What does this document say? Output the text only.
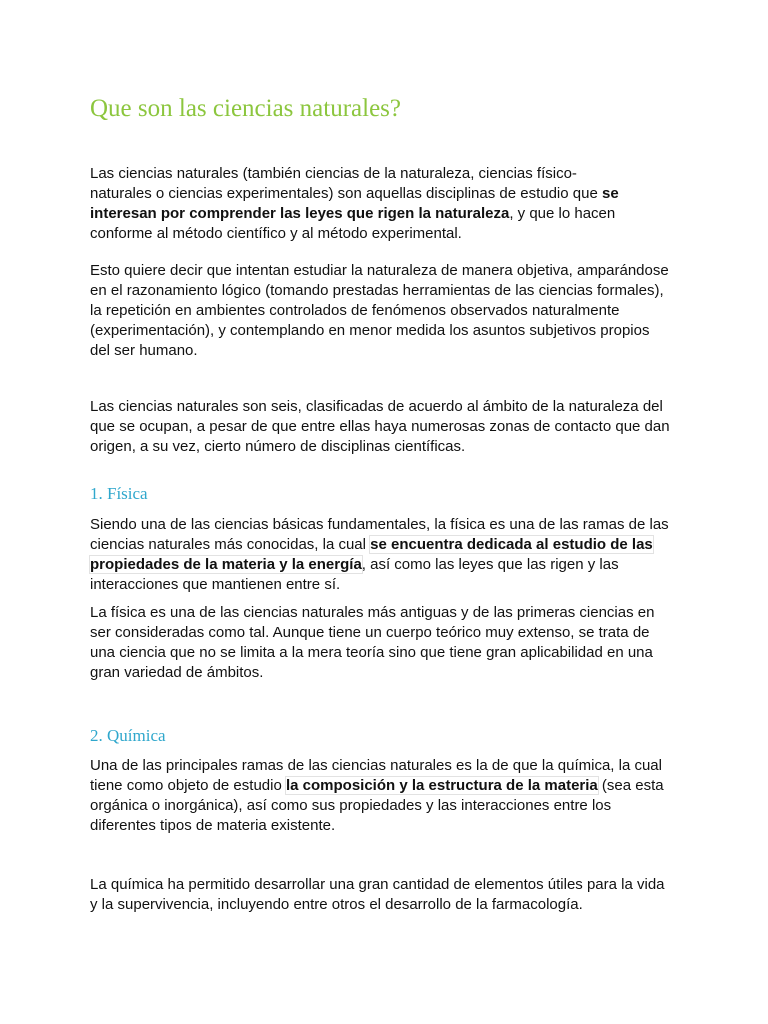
Que son las ciencias naturales?

Las ciencias naturales (también ciencias de la naturaleza, ciencias físico-
naturales o ciencias experimentales) son aquellas disciplinas de estudio que se
interesan por comprender las leyes que rigen la naturaleza, y que lo hacen
conforme al método científico y al método experimental.

Esto quiere decir que intentan estudiar la naturaleza de manera objetiva, amparándose
en el razonamiento lógico (tomando prestadas herramientas de las ciencias formales),
la repetición en ambientes controlados de fenómenos observados naturalmente
(experimentación), y contemplando en menor medida los asuntos subjetivos propios
del ser humano.

Las ciencias naturales son seis, clasificadas de acuerdo al ámbito de la naturaleza del
que se ocupan, a pesar de que entre ellas haya numerosas zonas de contacto que dan
origen, a su vez, cierto número de disciplinas científicas.

1. Física

Siendo una de las ciencias básicas fundamentales, la física es una de las ramas de las
ciencias naturales más conocidas, la cual se encuentra dedicada al estudio de las
propiedades de la materia y la energía, así como las leyes que las rigen y las
interacciones que mantienen entre sí.

La física es una de las ciencias naturales más antiguas y de las primeras ciencias en
ser consideradas como tal. Aunque tiene un cuerpo teórico muy extenso, se trata de
una ciencia que no se limita a la mera teoría sino que tiene gran aplicabilidad en una
gran variedad de ámbitos.

2. Química

Una de las principales ramas de las ciencias naturales es la de que la química, la cual
tiene como objeto de estudio la composición y la estructura de la materia (sea esta
orgánica o inorgánica), así como sus propiedades y las interacciones entre los
diferentes tipos de materia existente.

La química ha permitido desarrollar una gran cantidad de elementos útiles para la vida
y la supervivencia, incluyendo entre otros el desarrollo de la farmacología.
